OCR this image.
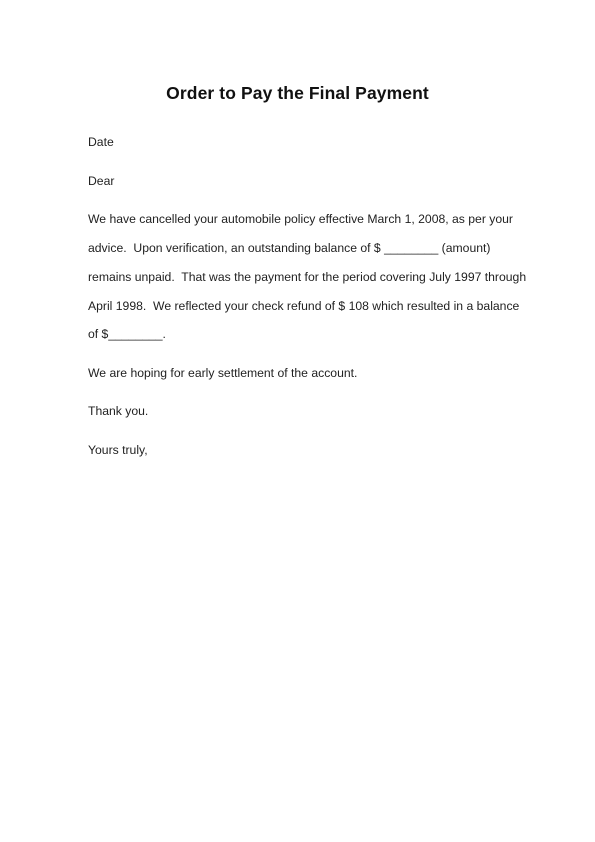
Order to Pay the Final Payment
Date
Dear
We have cancelled your automobile policy effective March 1, 2008, as per your
advice.  Upon verification, an outstanding balance of $ ________ (amount)
remains unpaid.  That was the payment for the period covering July 1997 through
April 1998.  We reflected your check refund of $ 108 which resulted in a balance
of $________.
We are hoping for early settlement of the account.
Thank you.
Yours truly,
